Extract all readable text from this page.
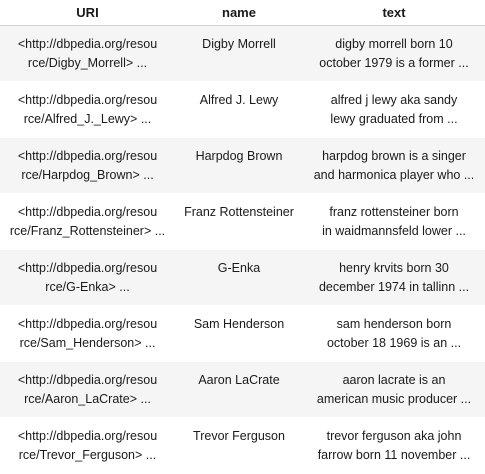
URI	name	text

<http://dbpedia.org/resou
rce/Digby_Morrell> ...	Digby Morrell	digby morrell born 10
october 1979 is a former ...

<http://dbpedia.org/resou
rce/Alfred_J._Lewy> ...	Alfred J. Lewy	alfred j lewy aka sandy
lewy graduated from ...

<http://dbpedia.org/resou
rce/Harpdog_Brown> ...	Harpdog Brown	harpdog brown is a singer
and harmonica player who ...

<http://dbpedia.org/resou
rce/Franz_Rottensteiner> ...	Franz Rottensteiner	franz rottensteiner born
in waidmannsfeld lower ...

<http://dbpedia.org/resou
rce/G-Enka> ...	G-Enka	henry krvits born 30
december 1974 in tallinn ...

<http://dbpedia.org/resou
rce/Sam_Henderson> ...	Sam Henderson	sam henderson born
october 18 1969 is an ...

<http://dbpedia.org/resou
rce/Aaron_LaCrate> ...	Aaron LaCrate	aaron lacrate is an
american music producer ...

<http://dbpedia.org/resou
rce/Trevor_Ferguson> ...	Trevor Ferguson	trevor ferguson aka john
farrow born 11 november ...
